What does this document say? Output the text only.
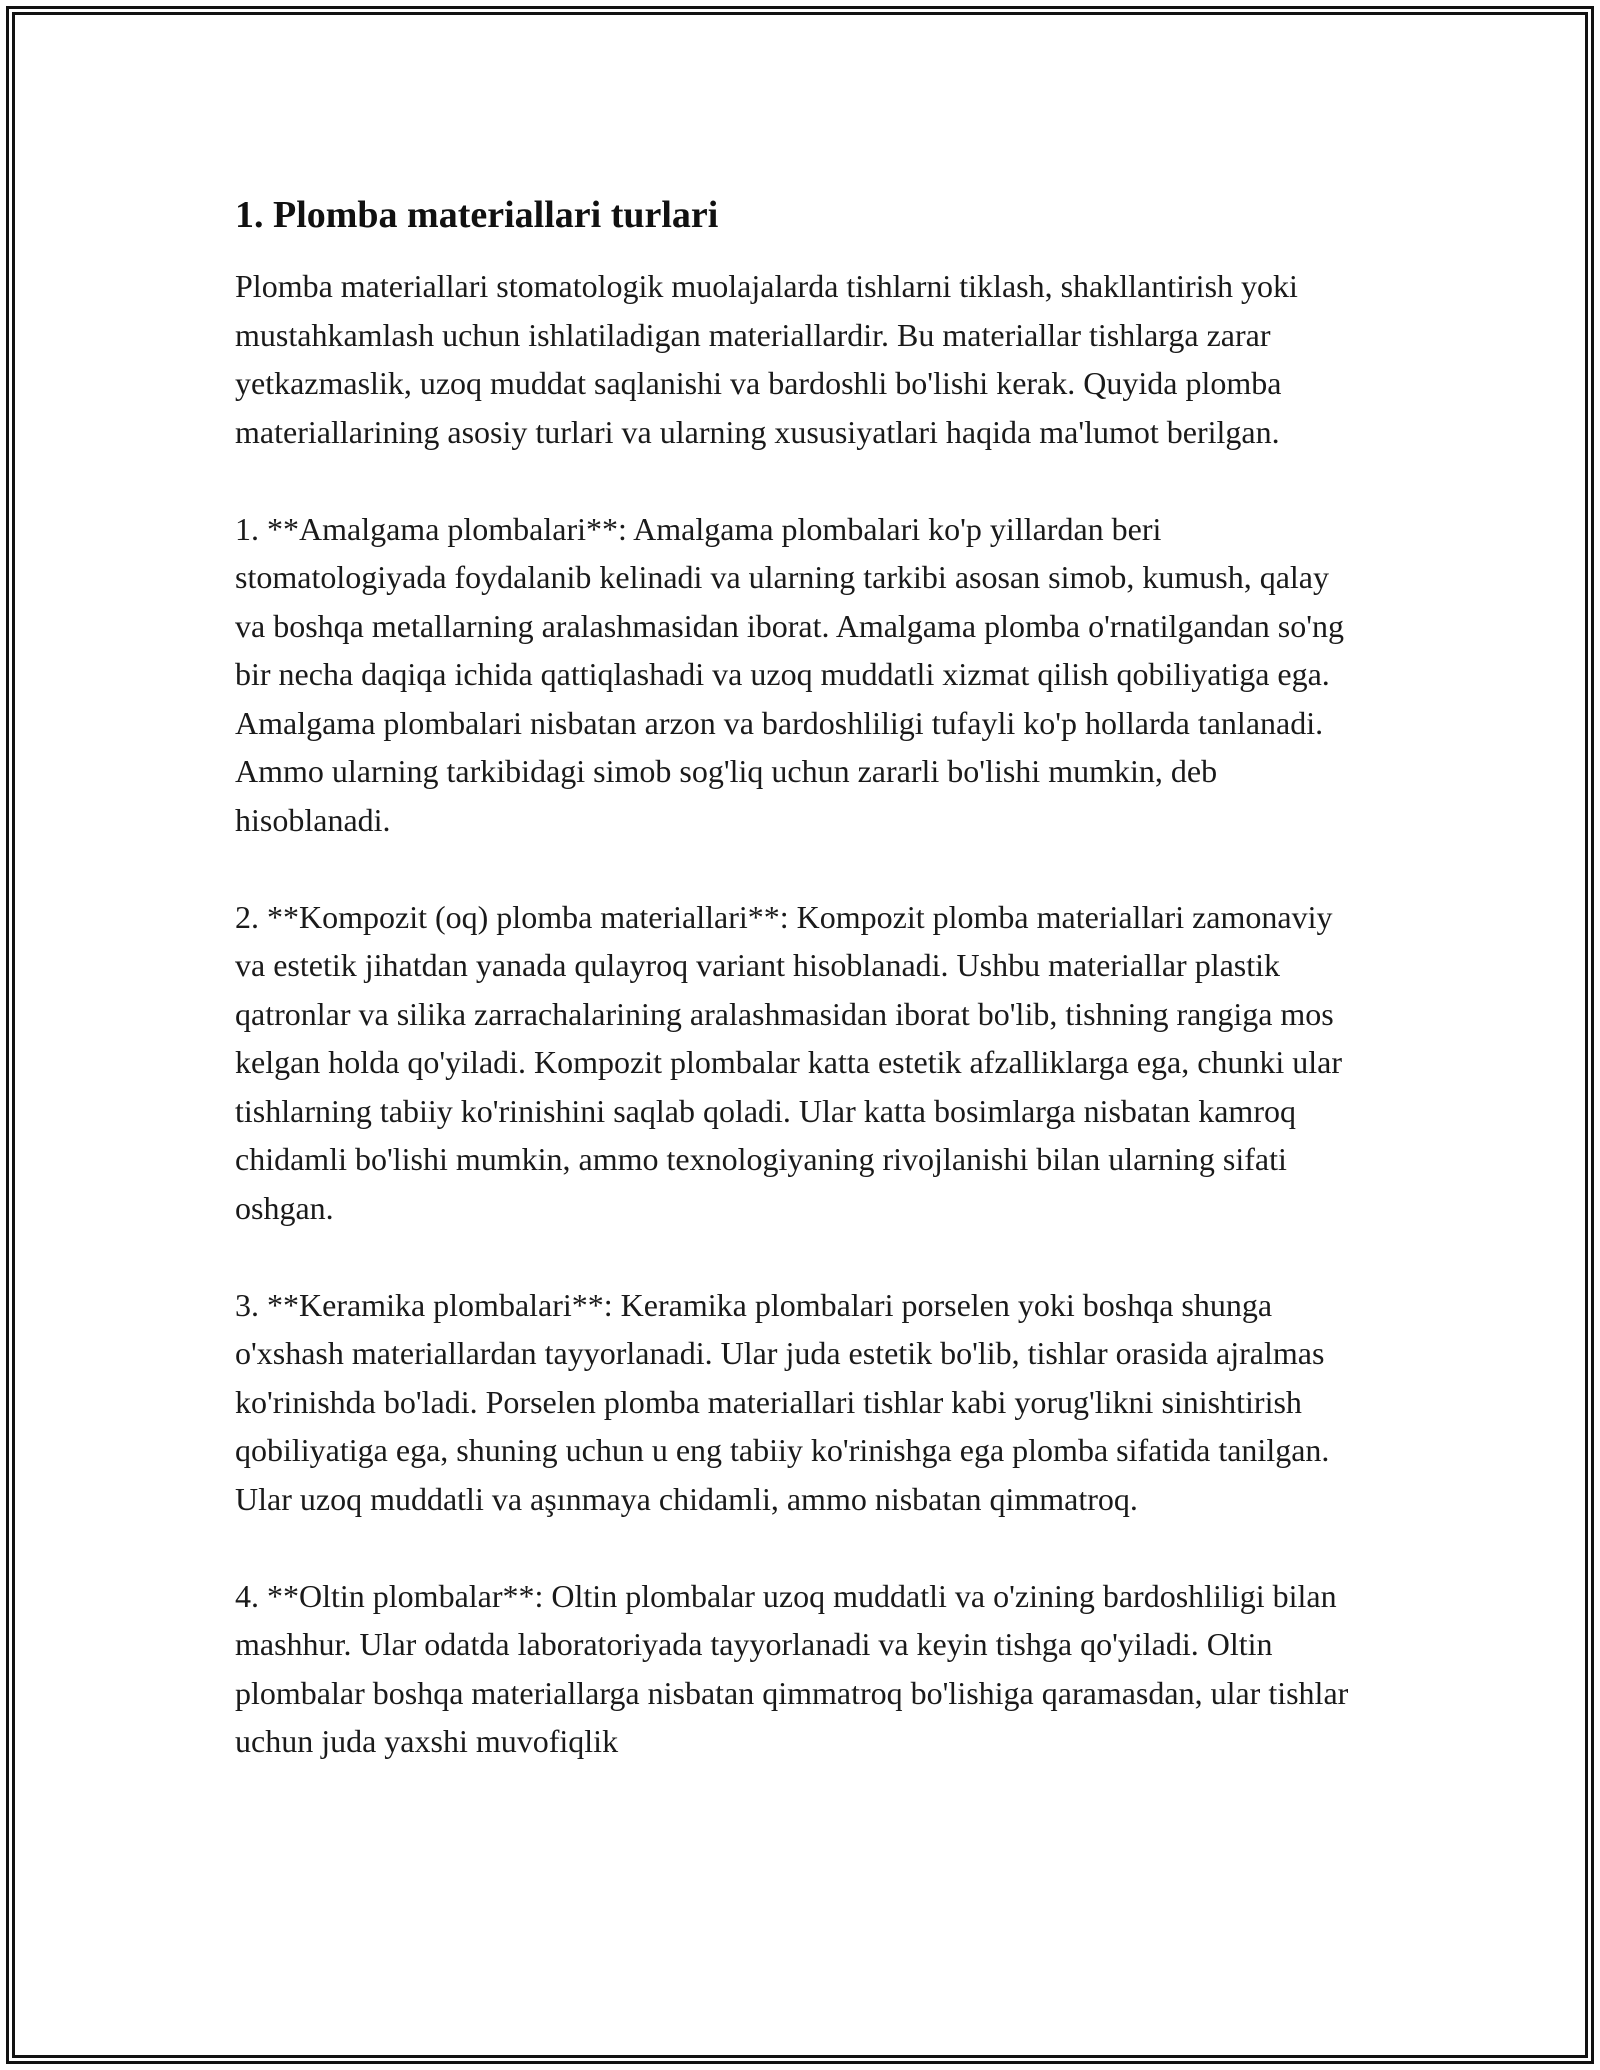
1. Plomba materiallari turlari

Plomba materiallari stomatologik muolajalarda tishlarni tiklash, shakllantirish yoki mustahkamlash uchun ishlatiladigan materiallardir. Bu materiallar tishlarga zarar yetkazmaslik, uzoq muddat saqlanishi va bardoshli bo'lishi kerak. Quyida plomba materiallarining asosiy turlari va ularning xususiyatlari haqida ma'lumot berilgan.

1. **Amalgama plombalari**: Amalgama plombalari ko'p yillardan beri stomatologiyada foydalanib kelinadi va ularning tarkibi asosan simob, kumush, qalay va boshqa metallarning aralashmasidan iborat. Amalgama plomba o'rnatilgandan so'ng bir necha daqiqa ichida qattiqlashadi va uzoq muddatli xizmat qilish qobiliyatiga ega. Amalgama plombalari nisbatan arzon va bardoshliligi tufayli ko'p hollarda tanlanadi. Ammo ularning tarkibidagi simob sog'liq uchun zararli bo'lishi mumkin, deb hisoblanadi.

2. **Kompozit (oq) plomba materiallari**: Kompozit plomba materiallari zamonaviy va estetik jihatdan yanada qulayroq variant hisoblanadi. Ushbu materiallar plastik qatronlar va silika zarrachalarining aralashmasidan iborat bo'lib, tishning rangiga mos kelgan holda qo'yiladi. Kompozit plombalar katta estetik afzalliklarga ega, chunki ular tishlarning tabiiy ko'rinishini saqlab qoladi. Ular katta bosimlarga nisbatan kamroq chidamli bo'lishi mumkin, ammo texnologiyaning rivojlanishi bilan ularning sifati oshgan.

3. **Keramika plombalari**: Keramika plombalari porselen yoki boshqa shunga o'xshash materiallardan tayyorlanadi. Ular juda estetik bo'lib, tishlar orasida ajralmas ko'rinishda bo'ladi. Porselen plomba materiallari tishlar kabi yorug'likni sinishtirish qobiliyatiga ega, shuning uchun u eng tabiiy ko'rinishga ega plomba sifatida tanilgan. Ular uzoq muddatli va aşınmaya chidamli, ammo nisbatan qimmatroq.

4. **Oltin plombalar**: Oltin plombalar uzoq muddatli va o'zining bardoshliligi bilan mashhur. Ular odatda laboratoriyada tayyorlanadi va keyin tishga qo'yiladi. Oltin plombalar boshqa materiallarga nisbatan qimmatroq bo'lishiga qaramasdan, ular tishlar uchun juda yaxshi muvofiqlik
